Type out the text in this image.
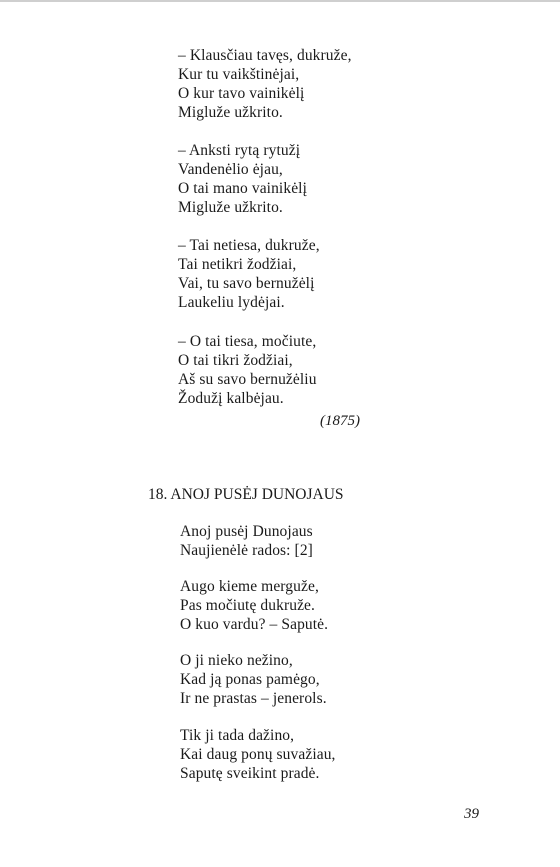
– Klausčiau tavęs, dukruže,
Kur tu vaikštinėjai,
O kur tavo vainikėlį
Migluže užkrito.
– Anksti rytą rytužį
Vandenėlio ėjau,
O tai mano vainikėlį
Migluže užkrito.
– Tai netiesa, dukruže,
Tai netikri žodžiai,
Vai, tu savo bernužėlį
Laukeliu lydėjai.
– O tai tiesa, močiute,
O tai tikri žodžiai,
Aš su savo bernužėliu
Žodužį kalbėjau.
(1875)
18. ANOJ PUSĖJ DUNOJAUS
Anoj pusėj Dunojaus
Naujienėlė rados: [2]
Augo kieme merguže,
Pas močiutę dukruže.
O kuo vardu? – Saputė.
O ji nieko nežino,
Kad ją ponas pamėgo,
Ir ne prastas – jenerols.
Tik ji tada dažino,
Kai daug ponų suvažiau,
Saputę sveikint pradė.
39
